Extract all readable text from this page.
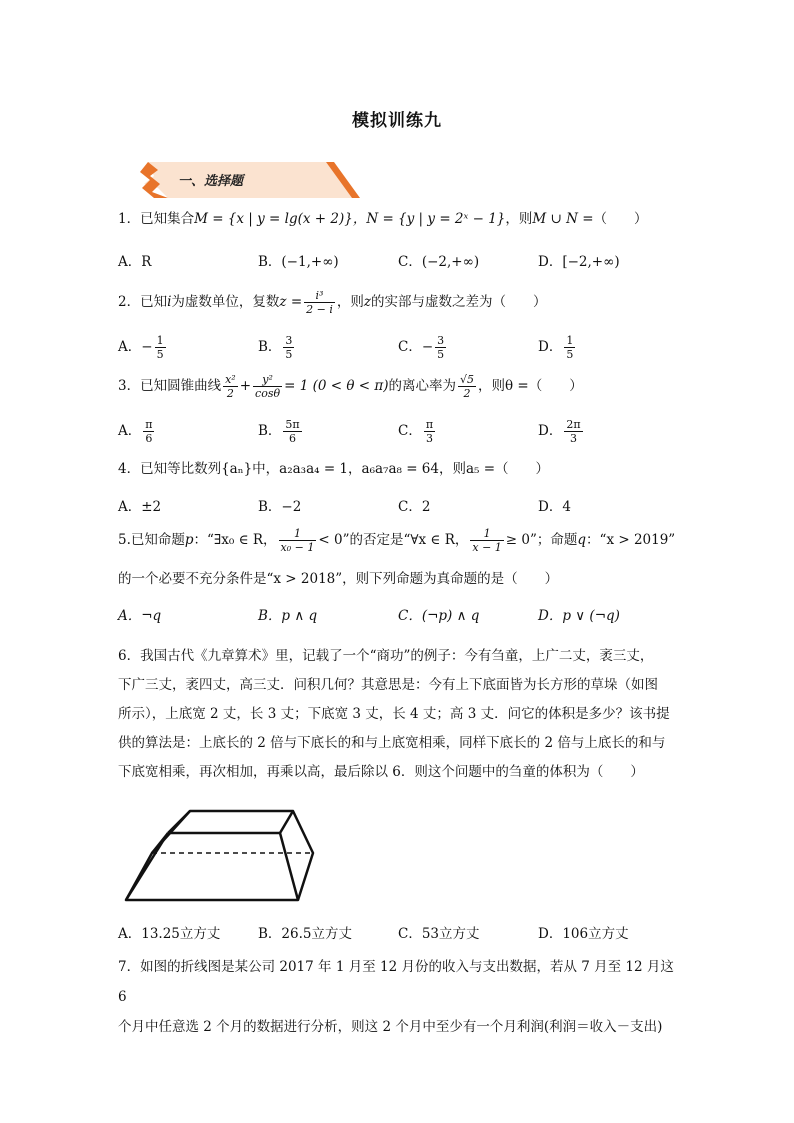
模拟训练九
一、选择题
1．已知集合M = {x | y = lg(x + 2)}，N = {y | y = 2ˣ − 1}，则M ∪ N =（　　）
A．R	B．(−1,+∞)	C．(−2,+∞)	D．[−2,+∞)
2．已知i为虚数单位，复数$z = \frac{\text{i³}}{2 - i}$ ，则z的实部与虚数之差为（　　）
A．− $\frac{1}{5}$	B． $\frac{3}{5}$	C．− $\frac{3}{5}$	D． $\frac{1}{5}$
3．已知圆锥曲线 $\frac{\text{x²}}{2} + \frac{\text{y²}}{\cos\theta} = 1$ (0 < θ < π)的离心率为 $\frac{√5}{2}$ ，则θ =（　　）
A． $\frac{\pi}{6}$	B． $\frac{5\pi}{6}$	C． $\frac{\pi}{3}$	D． $\frac{2\pi}{3}$
4．已知等比数列{aₙ}中，a₂a₃a₄ = 1，a₆a₇a₈ = 64，则a₅ =（　　）
A．±2	B．−2	C．2	D．4
5.已知命题p：“∃x₀ ∈ R， $\frac{1}{\text{x₀ − 1}} < 0$”的否定是“∀x ∈ R， $\frac{1}{x - 1} \ge 0$”；命题q：“x > 2019”
的一个必要不充分条件是“x > 2018”，则下列命题为真命题的是（　　）
A．¬q	B．p ∧ q	C．(¬p) ∧ q	D．p ∨ (¬q)
6．我国古代《九章算术》里，记载了一个“商功”的例子：今有刍童，上广二丈，袤三丈，
下广三丈，袤四丈，高三丈．问积几何？其意思是：今有上下底面皆为长方形的草垛（如图
所示），上底宽 2 丈，长 3 丈；下底宽 3 丈，长 4 丈；高 3 丈．问它的体积是多少？该书提
供的算法是：上底长的 2 倍与下底长的和与上底宽相乘，同样下底长的 2 倍与上底长的和与
下底宽相乘，再次相加，再乘以高，最后除以 6．则这个问题中的刍童的体积为（　　）
A．13.25立方丈	B．26.5立方丈	C．53立方丈	D．106立方丈
7．如图的折线图是某公司 2017 年 1 月至 12 月份的收入与支出数据，若从 7 月至 12 月这 6
个月中任意选 2 个月的数据进行分析，则这 2 个月中至少有一个月利润(利润＝收入－支出)
